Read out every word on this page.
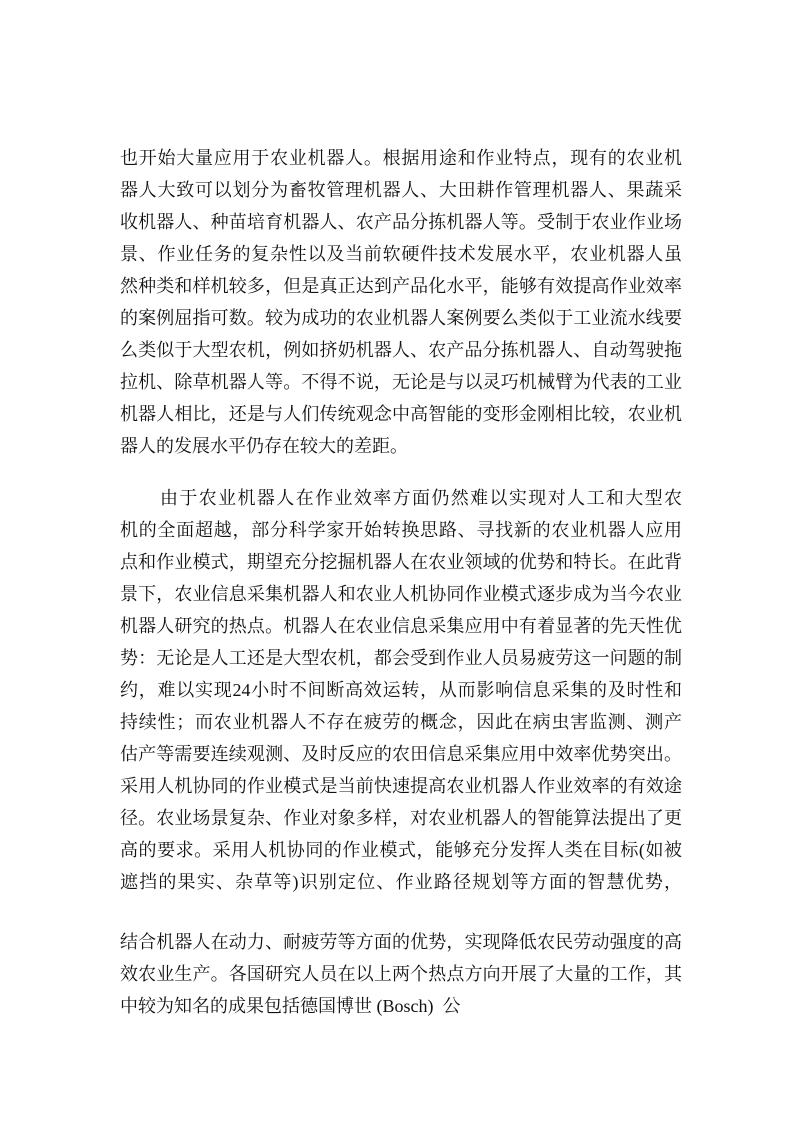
也开始大量应用于农业机器人。根据用途和作业特点，现有的农业机
器人大致可以划分为畜牧管理机器人、大田耕作管理机器人、果蔬采
收机器人、种苗培育机器人、农产品分拣机器人等。受制于农业作业场
景、作业任务的复杂性以及当前软硬件技术发展水平，农业机器人虽
然种类和样机较多，但是真正达到产品化水平，能够有效提高作业效率
的案例屈指可数。较为成功的农业机器人案例要么类似于工业流水线要
么类似于大型农机，例如挤奶机器人、农产品分拣机器人、自动驾驶拖
拉机、除草机器人等。不得不说，无论是与以灵巧机械臂为代表的工业
机器人相比，还是与人们传统观念中高智能的变形金刚相比较，农业机
器人的发展水平仍存在较大的差距。
由于农业机器人在作业效率方面仍然难以实现对人工和大型农
机的全面超越，部分科学家开始转换思路、寻找新的农业机器人应用
点和作业模式，期望充分挖掘机器人在农业领域的优势和特长。在此背
景下，农业信息采集机器人和农业人机协同作业模式逐步成为当今农业
机器人研究的热点。机器人在农业信息采集应用中有着显著的先天性优
势：无论是人工还是大型农机，都会受到作业人员易疲劳这一问题的制
约，难以实现24小时不间断高效运转，从而影响信息采集的及时性和
持续性；而农业机器人不存在疲劳的概念，因此在病虫害监测、测产
估产等需要连续观测、及时反应的农田信息采集应用中效率优势突出。
采用人机协同的作业模式是当前快速提高农业机器人作业效率的有效途
径。农业场景复杂、作业对象多样，对农业机器人的智能算法提出了更
高的要求。采用人机协同的作业模式，能够充分发挥人类在目标(如被
遮挡的果实、杂草等)识别定位、作业路径规划等方面的智慧优势，
结合机器人在动力、耐疲劳等方面的优势，实现降低农民劳动强度的高
效农业生产。各国研究人员在以上两个热点方向开展了大量的工作，其
中较为知名的成果包括德国博世 (Bosch)  公
